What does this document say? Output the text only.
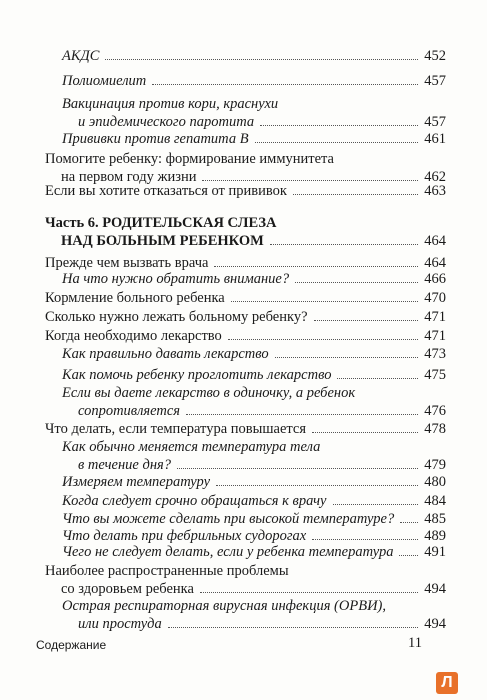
АКДС	452
Полиомиелит	457
Вакцинация против кори, краснухи
и эпидемического паротита	457
Прививки против гепатита В	461
Помогите ребенку: формирование иммунитета
на первом году жизни	462
Если вы хотите отказаться от прививок	463
Часть 6. РОДИТЕЛЬСКАЯ СЛЕЗА
НАД БОЛЬНЫМ РЕБЕНКОМ	464
Прежде чем вызвать врача	464
На что нужно обратить внимание?	466
Кормление больного ребенка	470
Сколько нужно лежать больному ребенку?	471
Когда необходимо лекарство	471
Как правильно давать лекарство	473
Как помочь ребенку проглотить лекарство	475
Если вы даете лекарство в одиночку, а ребенок
сопротивляется	476
Что делать, если температура повышается	478
Как обычно меняется температура тела
в течение дня?	479
Измеряем температуру	480
Когда следует срочно обращаться к врачу	484
Что вы можете сделать при высокой температуре? 485
Что делать при фебрильных судорогах	489
Чего не следует делать, если у ребенка температура 491
Наиболее распространенные проблемы
со здоровьем ребенка	494
Острая респираторная вирусная инфекция (ОРВИ),
или простуда	494
Содержание	11
Л
